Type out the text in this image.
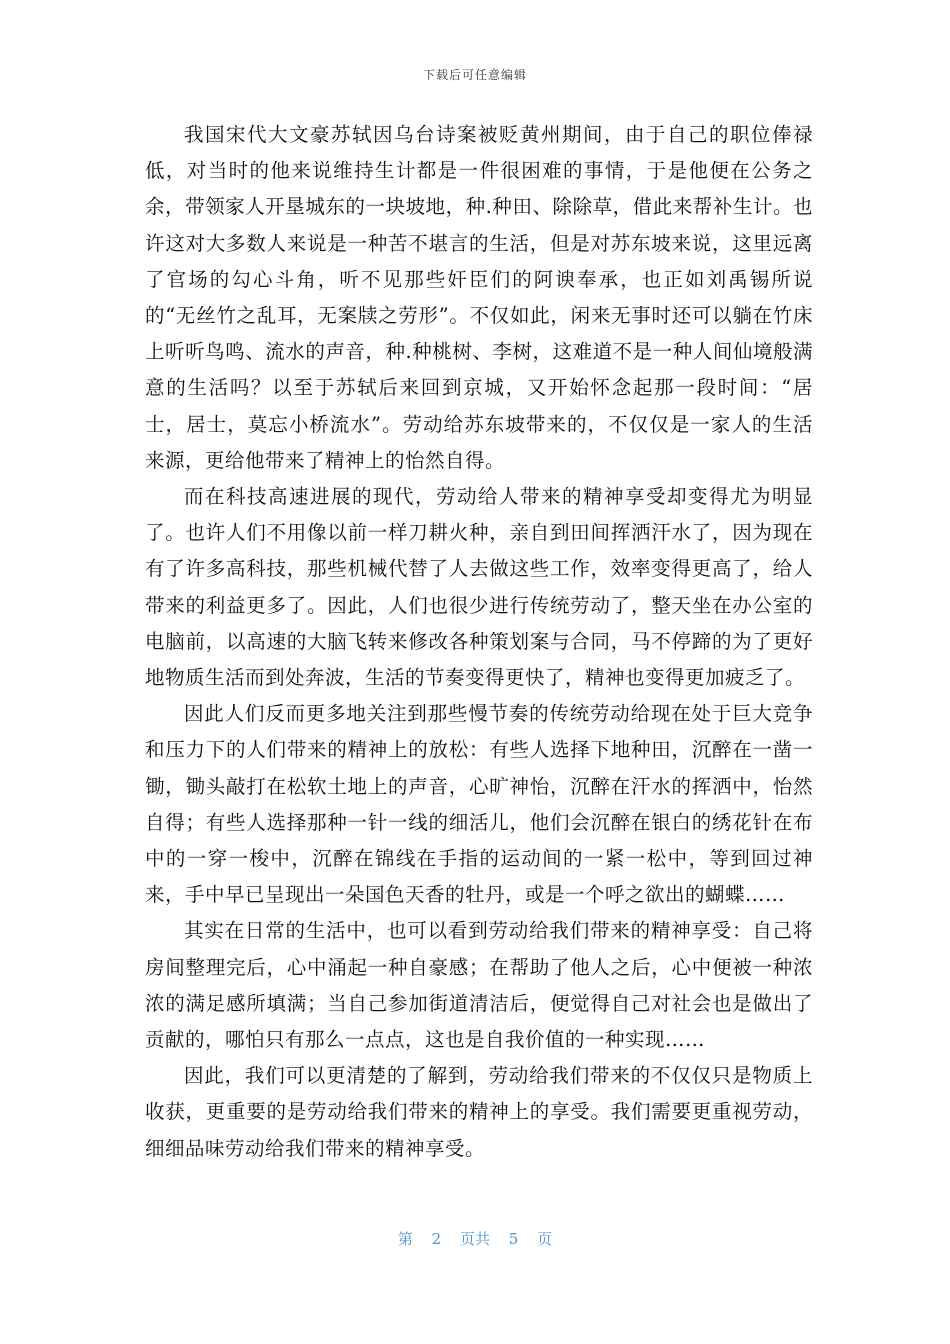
下载后可任意编辑

我国宋代大文豪苏轼因乌台诗案被贬黄州期间，由于自己的职位俸禄低，对当时的他来说维持生计都是一件很困难的事情，于是他便在公务之余，带领家人开垦城东的一块坡地，种.种田、除除草，借此来帮补生计。也许这对大多数人来说是一种苦不堪言的生活，但是对苏东坡来说，这里远离了官场的勾心斗角，听不见那些奸臣们的阿谀奉承，也正如刘禹锡所说的“无丝竹之乱耳，无案牍之劳形”。不仅如此，闲来无事时还可以躺在竹床上听听鸟鸣、流水的声音，种.种桃树、李树，这难道不是一种人间仙境般满意的生活吗？以至于苏轼后来回到京城，又开始怀念起那一段时间：“居士，居士，莫忘小桥流水”。劳动给苏东坡带来的，不仅仅是一家人的生活来源，更给他带来了精神上的怡然自得。

而在科技高速进展的现代，劳动给人带来的精神享受却变得尤为明显了。也许人们不用像以前一样刀耕火种，亲自到田间挥洒汗水了，因为现在有了许多高科技，那些机械代替了人去做这些工作，效率变得更高了，给人带来的利益更多了。因此，人们也很少进行传统劳动了，整天坐在办公室的电脑前，以高速的大脑飞转来修改各种策划案与合同，马不停蹄的为了更好地物质生活而到处奔波，生活的节奏变得更快了，精神也变得更加疲乏了。

因此人们反而更多地关注到那些慢节奏的传统劳动给现在处于巨大竞争和压力下的人们带来的精神上的放松：有些人选择下地种田，沉醉在一凿一锄，锄头敲打在松软土地上的声音，心旷神怡，沉醉在汗水的挥洒中，怡然自得；有些人选择那种一针一线的细活儿，他们会沉醉在银白的绣花针在布中的一穿一梭中，沉醉在锦线在手指的运动间的一紧一松中，等到回过神来，手中早已呈现出一朵国色天香的牡丹，或是一个呼之欲出的蝴蝶……

其实在日常的生活中，也可以看到劳动给我们带来的精神享受：自己将房间整理完后，心中涌起一种自豪感；在帮助了他人之后，心中便被一种浓浓的满足感所填满；当自己参加街道清洁后，便觉得自己对社会也是做出了贡献的，哪怕只有那么一点点，这也是自我价值的一种实现……

因此，我们可以更清楚的了解到，劳动给我们带来的不仅仅只是物质上收获，更重要的是劳动给我们带来的精神上的享受。我们需要更重视劳动，细细品味劳动给我们带来的精神享受。

第 2 页共 5 页
